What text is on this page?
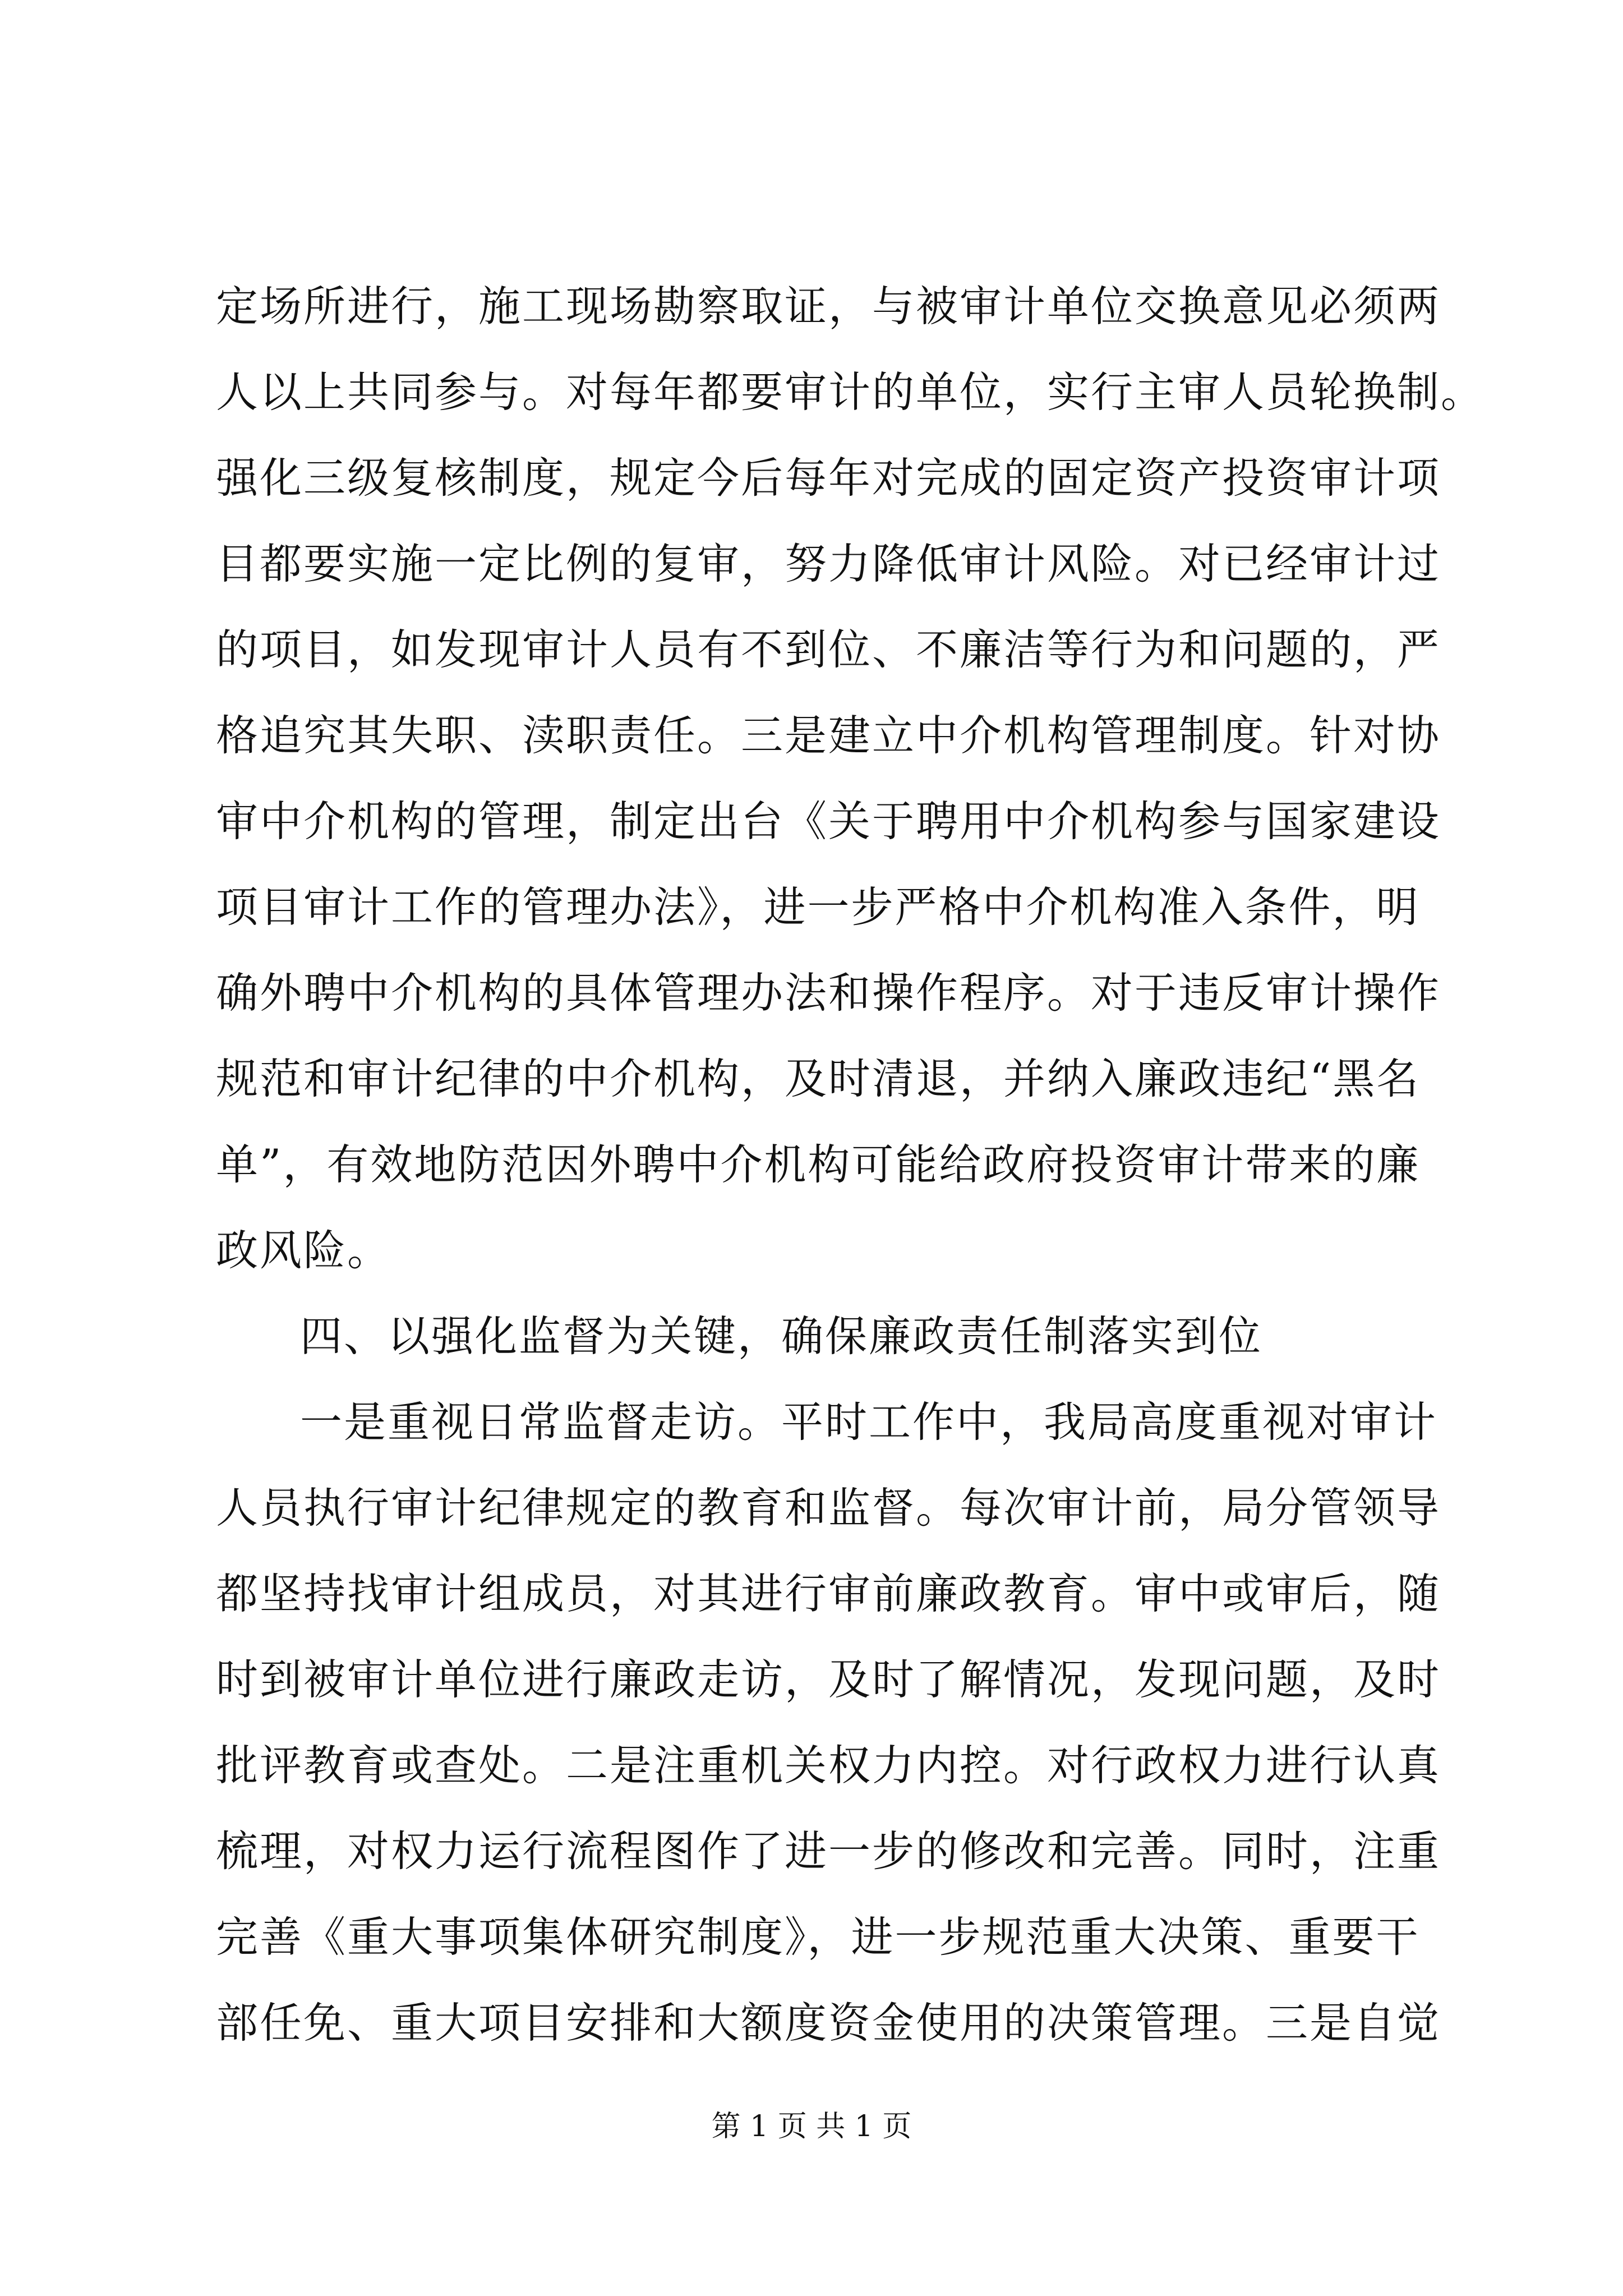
定场所进行，施工现场勘察取证，与被审计单位交换意见必须两
人以上共同参与。对每年都要审计的单位，实行主审人员轮换制。
强化三级复核制度，规定今后每年对完成的固定资产投资审计项
目都要实施一定比例的复审，努力降低审计风险。对已经审计过
的项目，如发现审计人员有不到位、不廉洁等行为和问题的，严
格追究其失职、渎职责任。三是建立中介机构管理制度。针对协
审中介机构的管理，制定出台《关于聘用中介机构参与国家建设
项目审计工作的管理办法》，进一步严格中介机构准入条件，明
确外聘中介机构的具体管理办法和操作程序。对于违反审计操作
规范和审计纪律的中介机构，及时清退，并纳入廉政违纪“黑名
单”，有效地防范因外聘中介机构可能给政府投资审计带来的廉
政风险。
四、以强化监督为关键，确保廉政责任制落实到位
一是重视日常监督走访。平时工作中，我局高度重视对审计
人员执行审计纪律规定的教育和监督。每次审计前，局分管领导
都坚持找审计组成员，对其进行审前廉政教育。审中或审后，随
时到被审计单位进行廉政走访，及时了解情况，发现问题，及时
批评教育或查处。二是注重机关权力内控。对行政权力进行认真
梳理，对权力运行流程图作了进一步的修改和完善。同时，注重
完善《重大事项集体研究制度》，进一步规范重大决策、重要干
部任免、重大项目安排和大额度资金使用的决策管理。三是自觉
第 1 页 共 1 页
